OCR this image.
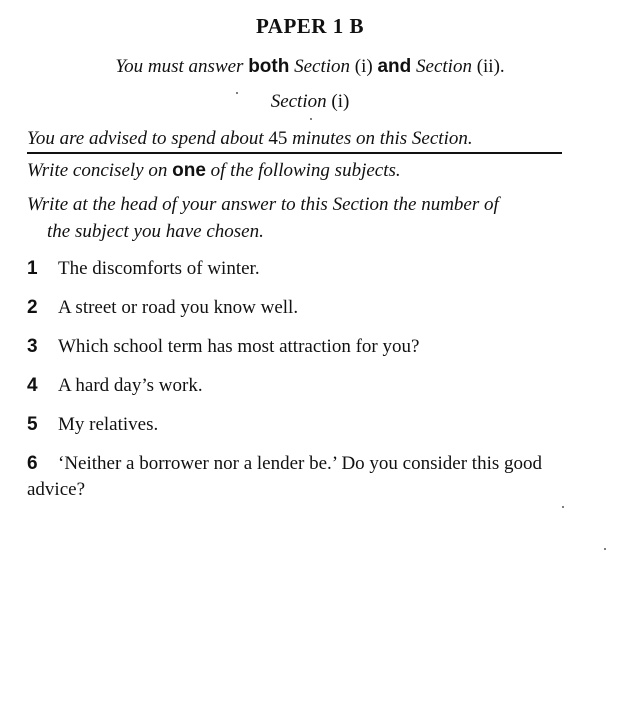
PAPER 1 B
You must answer both Section (i) and Section (ii).
Section (i)
You are advised to spend about 45 minutes on this Section.
Write concisely on one of the following subjects.
Write at the head of your answer to this Section the number of
the subject you have chosen.
1 The discomforts of winter.
2 A street or road you know well.
3 Which school term has most attraction for you?
4 A hard day’s work.
5 My relatives.
6 ‘Neither a borrower nor a lender be.’ Do you consider this good advice?
